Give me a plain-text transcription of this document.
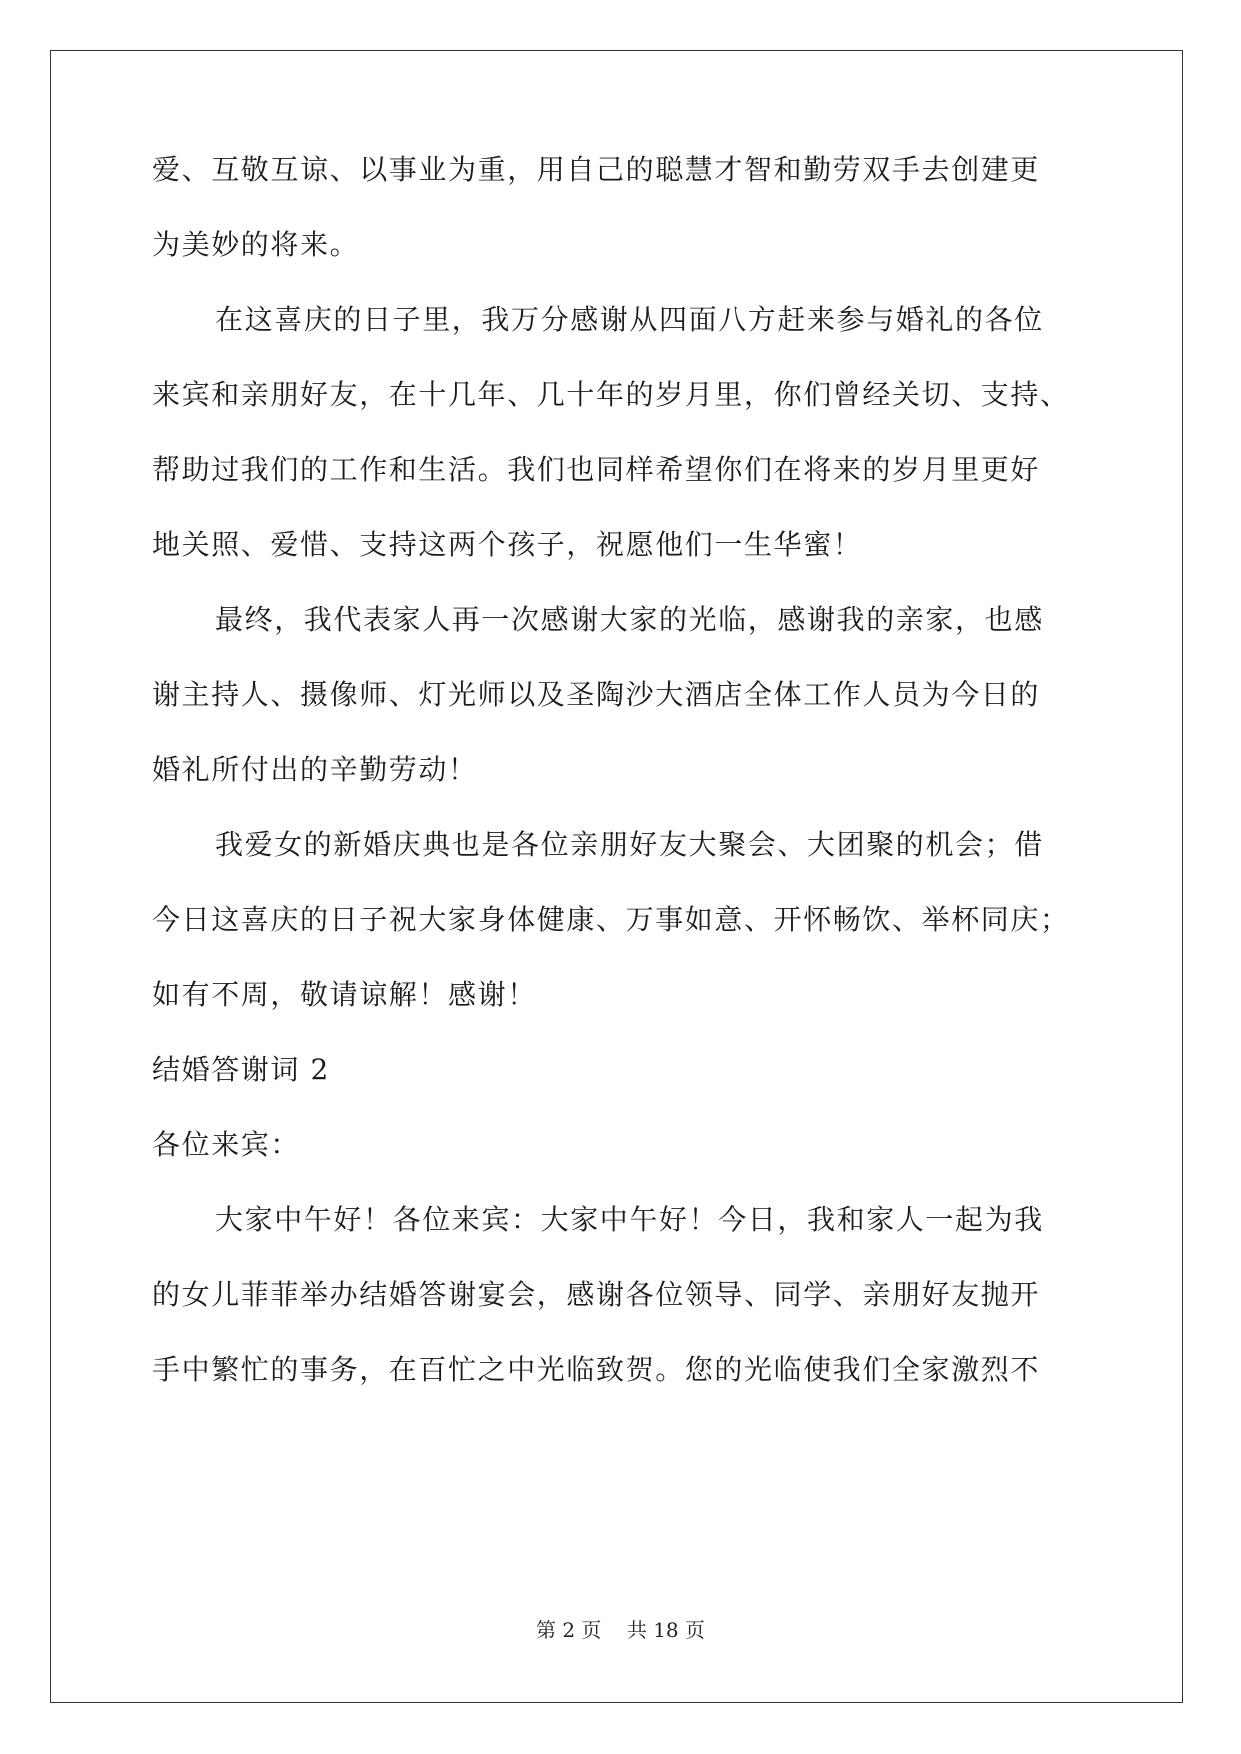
爱、互敬互谅、以事业为重，用自己的聪慧才智和勤劳双手去创建更
为美妙的将来。
在这喜庆的日子里，我万分感谢从四面八方赶来参与婚礼的各位
来宾和亲朋好友，在十几年、几十年的岁月里，你们曾经关切、支持、
帮助过我们的工作和生活。我们也同样希望你们在将来的岁月里更好
地关照、爱惜、支持这两个孩子，祝愿他们一生华蜜！
最终，我代表家人再一次感谢大家的光临，感谢我的亲家，也感
谢主持人、摄像师、灯光师以及圣陶沙大酒店全体工作人员为今日的
婚礼所付出的辛勤劳动！
我爱女的新婚庆典也是各位亲朋好友大聚会、大团聚的机会；借
今日这喜庆的日子祝大家身体健康、万事如意、开怀畅饮、举杯同庆；
如有不周，敬请谅解！感谢！
结婚答谢词 2
各位来宾：
大家中午好！各位来宾：大家中午好！今日，我和家人一起为我
的女儿菲菲举办结婚答谢宴会，感谢各位领导、同学、亲朋好友抛开
手中繁忙的事务，在百忙之中光临致贺。您的光临使我们全家激烈不
第 2 页    共 18 页
